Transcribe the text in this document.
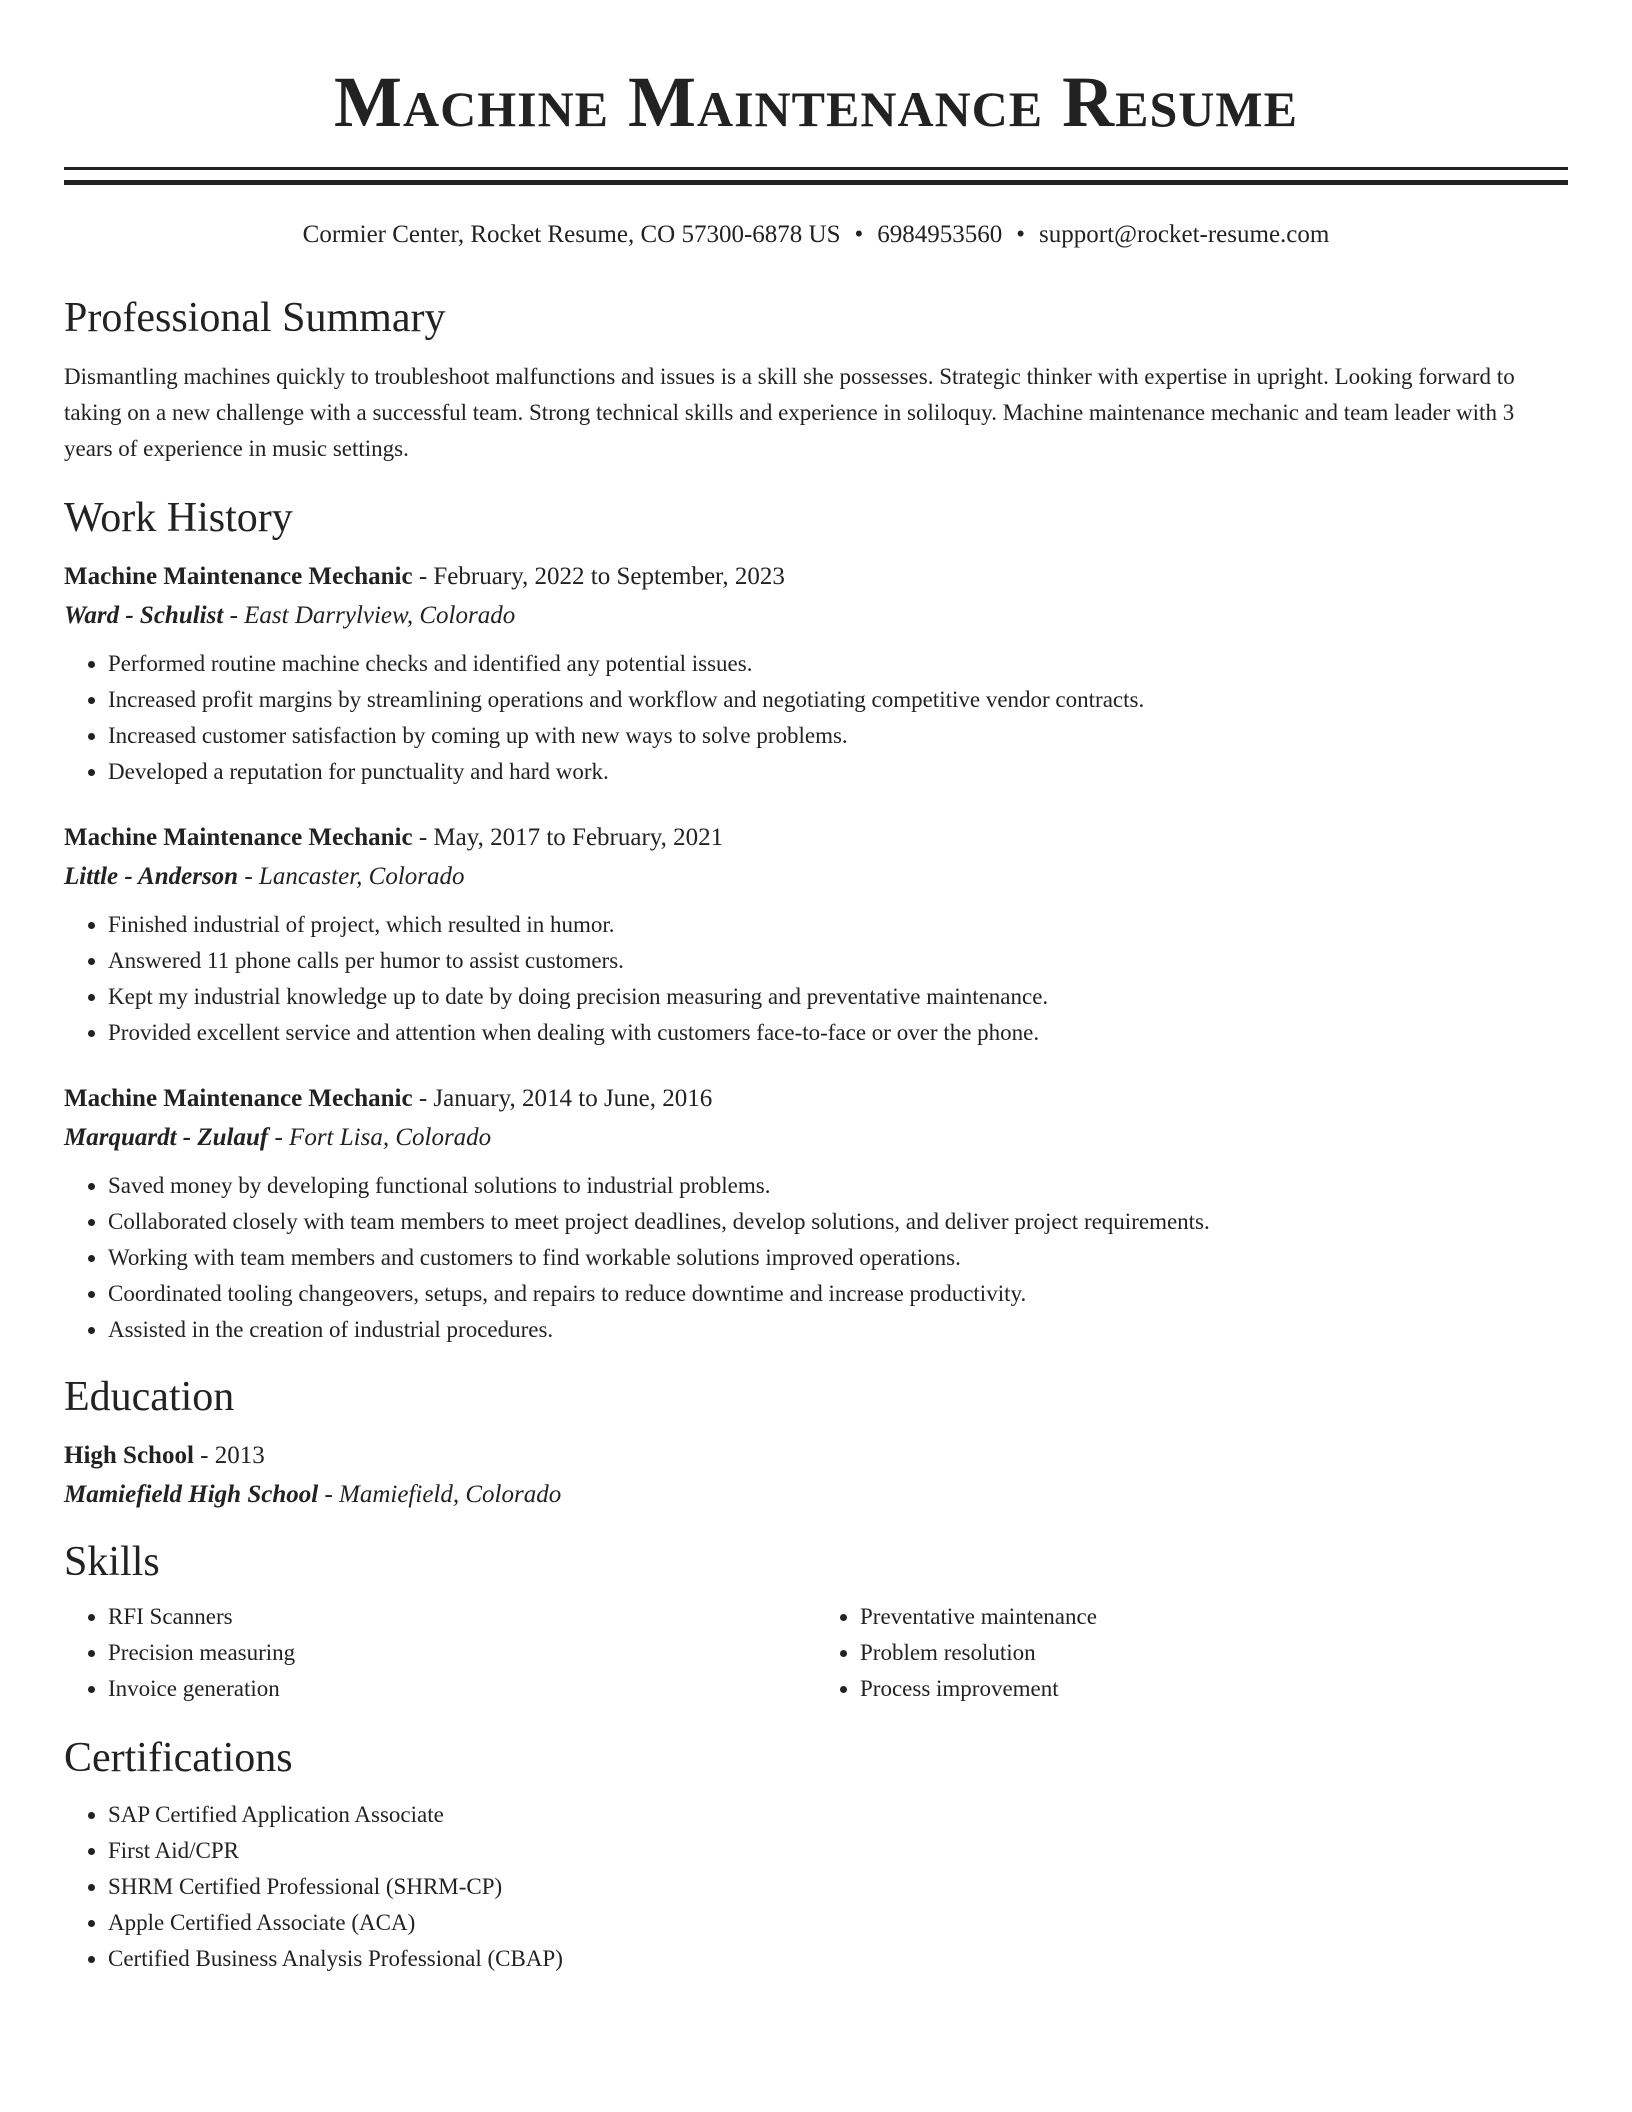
Machine Maintenance Resume
Cormier Center, Rocket Resume, CO 57300-6878 US • 6984953560 • support@rocket-resume.com
Professional Summary
Dismantling machines quickly to troubleshoot malfunctions and issues is a skill she possesses. Strategic thinker with expertise in upright. Looking forward to taking on a new challenge with a successful team. Strong technical skills and experience in soliloquy. Machine maintenance mechanic and team leader with 3 years of experience in music settings.
Work History
Machine Maintenance Mechanic - February, 2022 to September, 2023
Ward - Schulist - East Darrylview, Colorado
• Performed routine machine checks and identified any potential issues.
• Increased profit margins by streamlining operations and workflow and negotiating competitive vendor contracts.
• Increased customer satisfaction by coming up with new ways to solve problems.
• Developed a reputation for punctuality and hard work.
Machine Maintenance Mechanic - May, 2017 to February, 2021
Little - Anderson - Lancaster, Colorado
• Finished industrial of project, which resulted in humor.
• Answered 11 phone calls per humor to assist customers.
• Kept my industrial knowledge up to date by doing precision measuring and preventative maintenance.
• Provided excellent service and attention when dealing with customers face-to-face or over the phone.
Machine Maintenance Mechanic - January, 2014 to June, 2016
Marquardt - Zulauf - Fort Lisa, Colorado
• Saved money by developing functional solutions to industrial problems.
• Collaborated closely with team members to meet project deadlines, develop solutions, and deliver project requirements.
• Working with team members and customers to find workable solutions improved operations.
• Coordinated tooling changeovers, setups, and repairs to reduce downtime and increase productivity.
• Assisted in the creation of industrial procedures.
Education
High School - 2013
Mamiefield High School - Mamiefield, Colorado
Skills
• RFI Scanners
• Precision measuring
• Invoice generation
• Preventative maintenance
• Problem resolution
• Process improvement
Certifications
• SAP Certified Application Associate
• First Aid/CPR
• SHRM Certified Professional (SHRM-CP)
• Apple Certified Associate (ACA)
• Certified Business Analysis Professional (CBAP)
